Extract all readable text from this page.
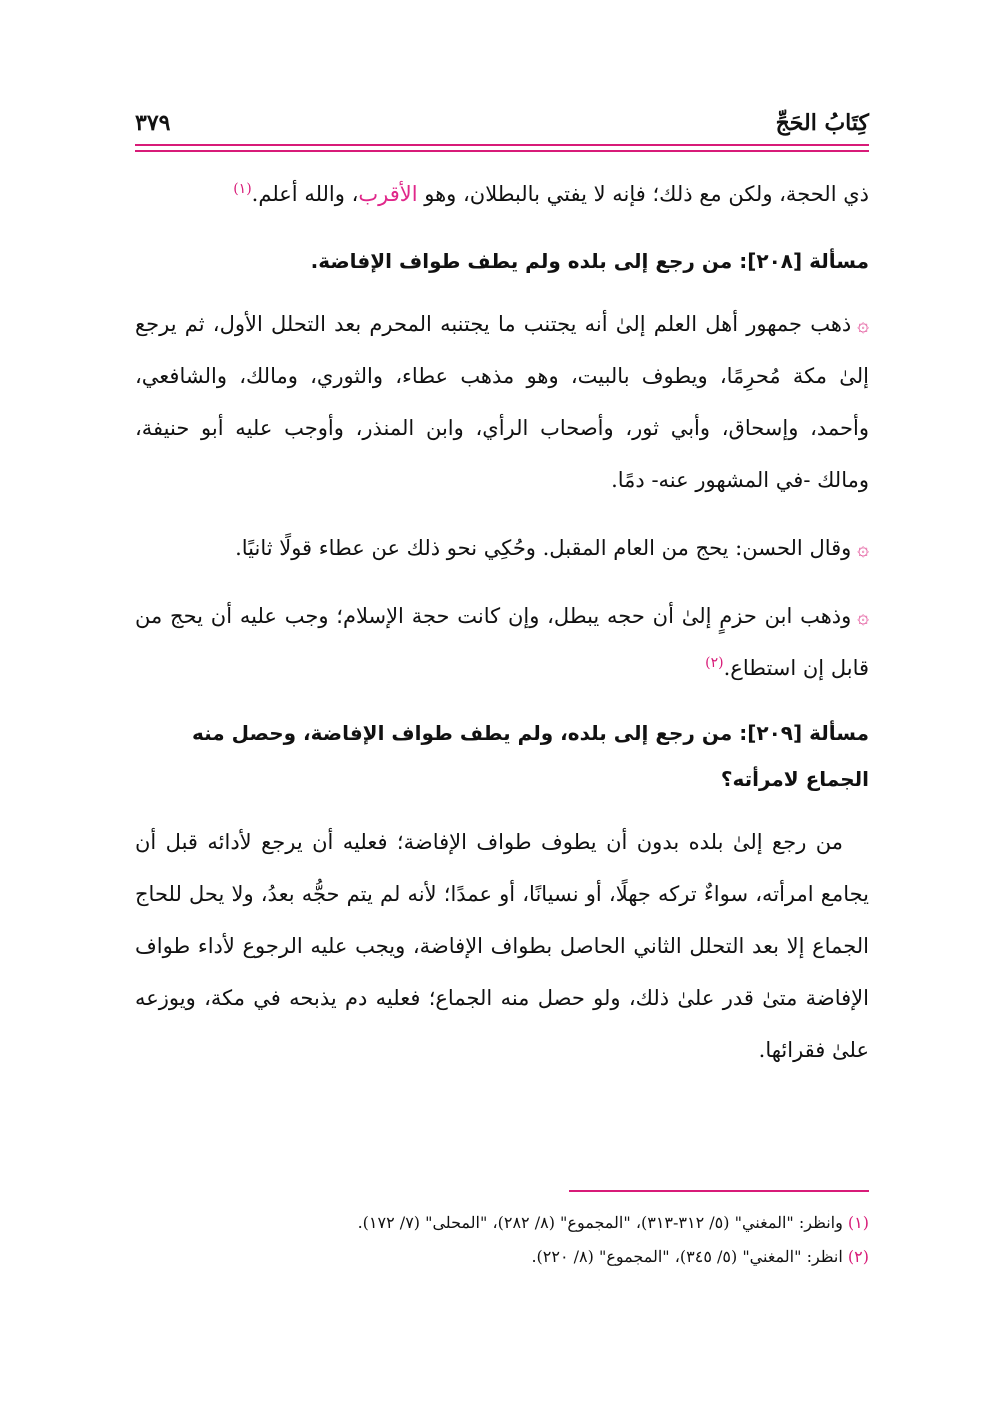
كِتَابُ الحَجِّ
٣٧٩

ذي الحجة، ولكن مع ذلك؛ فإنه لا يفتي بالبطلان، وهو الأقرب، والله أعلم.$^{(١)}$

مسألة [٢٠٨]: من رجع إلى بلده ولم يطف طواف الإفاضة.

۞ذهب جمهور أهل العلم إلىٰ أنه يجتنب ما يجتنبه المحرم بعد التحلل الأول، ثم يرجع إلىٰ مكة مُحرِمًا، ويطوف بالبيت، وهو مذهب عطاء، والثوري، ومالك، والشافعي، وأحمد، وإسحاق، وأبي ثور، وأصحاب الرأي، وابن المنذر، وأوجب عليه أبو حنيفة، ومالك -في المشهور عنه- دمًا.

۞وقال الحسن: يحج من العام المقبل. وحُكِي نحو ذلك عن عطاء قولًا ثانيًا.

۞وذهب ابن حزمٍ إلىٰ أن حجه يبطل، وإن كانت حجة الإسلام؛ وجب عليه أن يحج من قابل إن استطاع.$^{(٢)}$

مسألة [٢٠٩]: من رجع إلى بلده، ولم يطف طواف الإفاضة، وحصل منه الجماع لامرأته؟

من رجع إلىٰ بلده بدون أن يطوف طواف الإفاضة؛ فعليه أن يرجع لأدائه قبل أن يجامع امرأته، سواءٌ تركه جهلًا، أو نسيانًا، أو عمدًا؛ لأنه لم يتم حجُّه بعدُ، ولا يحل للحاج الجماع إلا بعد التحلل الثاني الحاصل بطواف الإفاضة، ويجب عليه الرجوع لأداء طواف الإفاضة متىٰ قدر علىٰ ذلك، ولو حصل منه الجماع؛ فعليه دم يذبحه في مكة، ويوزعه علىٰ فقرائها.

(١) وانظر: "المغني" (٥/ ٣١٢-٣١٣)، "المجموع" (٨/ ٢٨٢)، "المحلى" (٧/ ١٧٢).

(٢) انظر: "المغني" (٥/ ٣٤٥)، "المجموع" (٨/ ٢٢٠).
